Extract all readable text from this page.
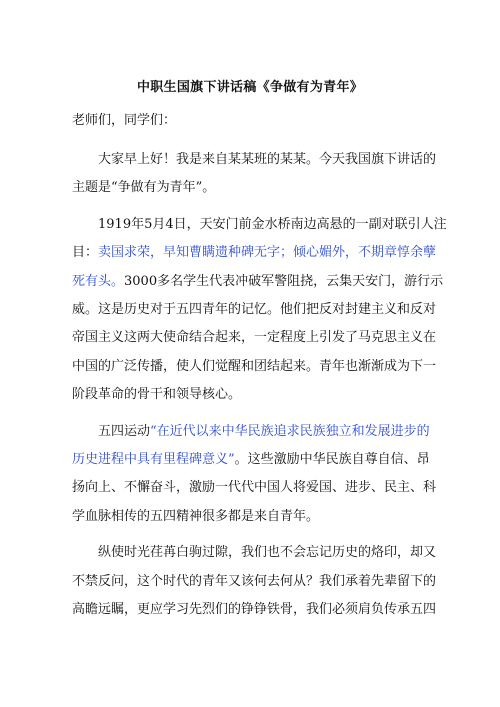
中职生国旗下讲话稿《争做有为青年》

老师们，同学们：

大家早上好！我是来自某某班的某某。今天我国旗下讲话的
主题是“争做有为青年”。
1919年5月4日，天安门前金水桥南边高悬的一副对联引人注
目：卖国求荣，早知曹瞒遗种碑无字；倾心媚外，不期章惇余孽
死有头。3000多名学生代表冲破军警阻挠，云集天安门，游行示
威。这是历史对于五四青年的记忆。他们把反对封建主义和反对
帝国主义这两大使命结合起来，一定程度上引发了马克思主义在
中国的广泛传播，使人们觉醒和团结起来。青年也渐渐成为下一
阶段革命的骨干和领导核心。
五四运动“在近代以来中华民族追求民族独立和发展进步的
历史进程中具有里程碑意义”。这些激励中华民族自尊自信、昂
扬向上、不懈奋斗，激励一代代中国人将爱国、进步、民主、科
学血脉相传的五四精神很多都是来自青年。
纵使时光荏苒白驹过隙，我们也不会忘记历史的烙印，却又
不禁反问，这个时代的青年又该何去何从？我们承着先辈留下的
高瞻远瞩，更应学习先烈们的铮铮铁骨，我们必须肩负传承五四
